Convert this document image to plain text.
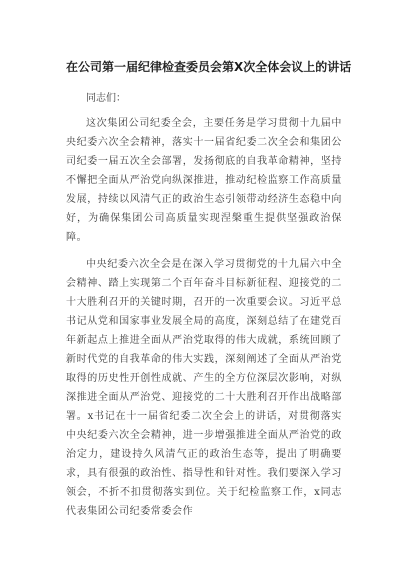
在公司第一届纪律检查委员会第X次全体会议上的讲话

同志们：

这次集团公司纪委全会，主要任务是学习贯彻十九届中央纪委六次全会精神，落实十一届省纪委二次全会和集团公司纪委一届五次全会部署，发扬彻底的自我革命精神，坚持不懈把全面从严治党向纵深推进，推动纪检监察工作高质量发展，持续以风清气正的政治生态引领带动经济生态稳中向好，为确保集团公司高质量实现涅槃重生提供坚强政治保障。

中央纪委六次全会是在深入学习贯彻党的十九届六中全会精神、踏上实现第二个百年奋斗目标新征程、迎接党的二十大胜利召开的关键时期，召开的一次重要会议。习近平总书记从党和国家事业发展全局的高度，深刻总结了在建党百年新起点上推进全面从严治党取得的伟大成就，系统回顾了新时代党的自我革命的伟大实践，深刻阐述了全面从严治党取得的历史性开创性成就、产生的全方位深层次影响，对纵深推进全面从严治党、迎接党的二十大胜利召开作出战略部署。x书记在十一届省纪委二次全会上的讲话，对贯彻落实中央纪委六次全会精神，进一步增强推进全面从严治党的政治定力，建设持久风清气正的政治生态等，提出了明确要求，具有很强的政治性、指导性和针对性。我们要深入学习领会，不折不扣贯彻落实到位。关于纪检监察工作，x同志代表集团公司纪委常委会作
